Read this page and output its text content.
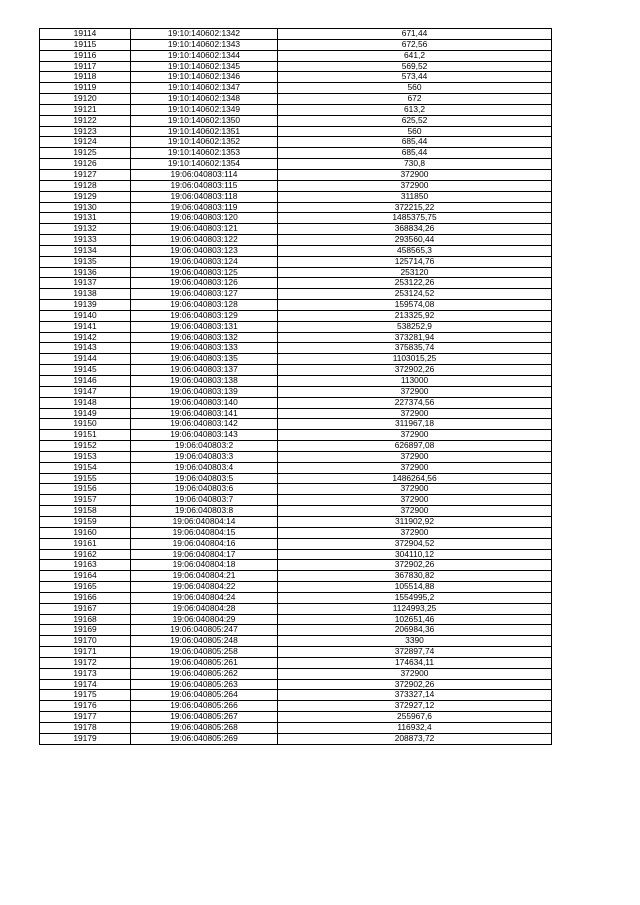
19114	19:10:140602:1342	671,44
19115	19:10:140602:1343	672,56
19116	19:10:140602:1344	641,2
19117	19:10:140602:1345	569,52
19118	19:10:140602:1346	573,44
19119	19:10:140602:1347	560
19120	19:10:140602:1348	672
19121	19:10:140602:1349	613,2
19122	19:10:140602:1350	625,52
19123	19:10:140602:1351	560
19124	19:10:140602:1352	685,44
19125	19:10:140602:1353	685,44
19126	19:10:140602:1354	730,8
19127	19:06:040803:114	372900
19128	19:06:040803:115	372900
19129	19:06:040803:118	311850
19130	19:06:040803:119	372215,22
19131	19:06:040803:120	1485375,75
19132	19:06:040803:121	368834,26
19133	19:06:040803:122	293560,44
19134	19:06:040803:123	458565,3
19135	19:06:040803:124	125714,76
19136	19:06:040803:125	253120
19137	19:06:040803:126	253122,26
19138	19:06:040803:127	253124,52
19139	19:06:040803:128	159574,08
19140	19:06:040803:129	213325,92
19141	19:06:040803:131	538252,9
19142	19:06:040803:132	373281,94
19143	19:06:040803:133	375835,74
19144	19:06:040803:135	1103015,25
19145	19:06:040803:137	372902,26
19146	19:06:040803:138	113000
19147	19:06:040803:139	372900
19148	19:06:040803:140	227374,56
19149	19:06:040803:141	372900
19150	19:06:040803:142	311967,18
19151	19:06:040803:143	372900
19152	19:06:040803:2	626897,08
19153	19:06:040803:3	372900
19154	19:06:040803:4	372900
19155	19:06:040803:5	1486264,56
19156	19:06:040803:6	372900
19157	19:06:040803:7	372900
19158	19:06:040803:8	372900
19159	19:06:040804:14	311902,92
19160	19:06:040804:15	372900
19161	19:06:040804:16	372904,52
19162	19:06:040804:17	304110,12
19163	19:06:040804:18	372902,26
19164	19:06:040804:21	367830,82
19165	19:06:040804:22	105514,88
19166	19:06:040804:24	1554995,2
19167	19:06:040804:28	1124993,25
19168	19:06:040804:29	102651,46
19169	19:06:040805:247	206984,36
19170	19:06:040805:248	3390
19171	19:06:040805:258	372897,74
19172	19:06:040805:261	174634,11
19173	19:06:040805:262	372900
19174	19:06:040805:263	372902,26
19175	19:06:040805:264	373327,14
19176	19:06:040805:266	372927,12
19177	19:06:040805:267	255967,6
19178	19:06:040805:268	116932,4
19179	19:06:040805:269	208873,72
